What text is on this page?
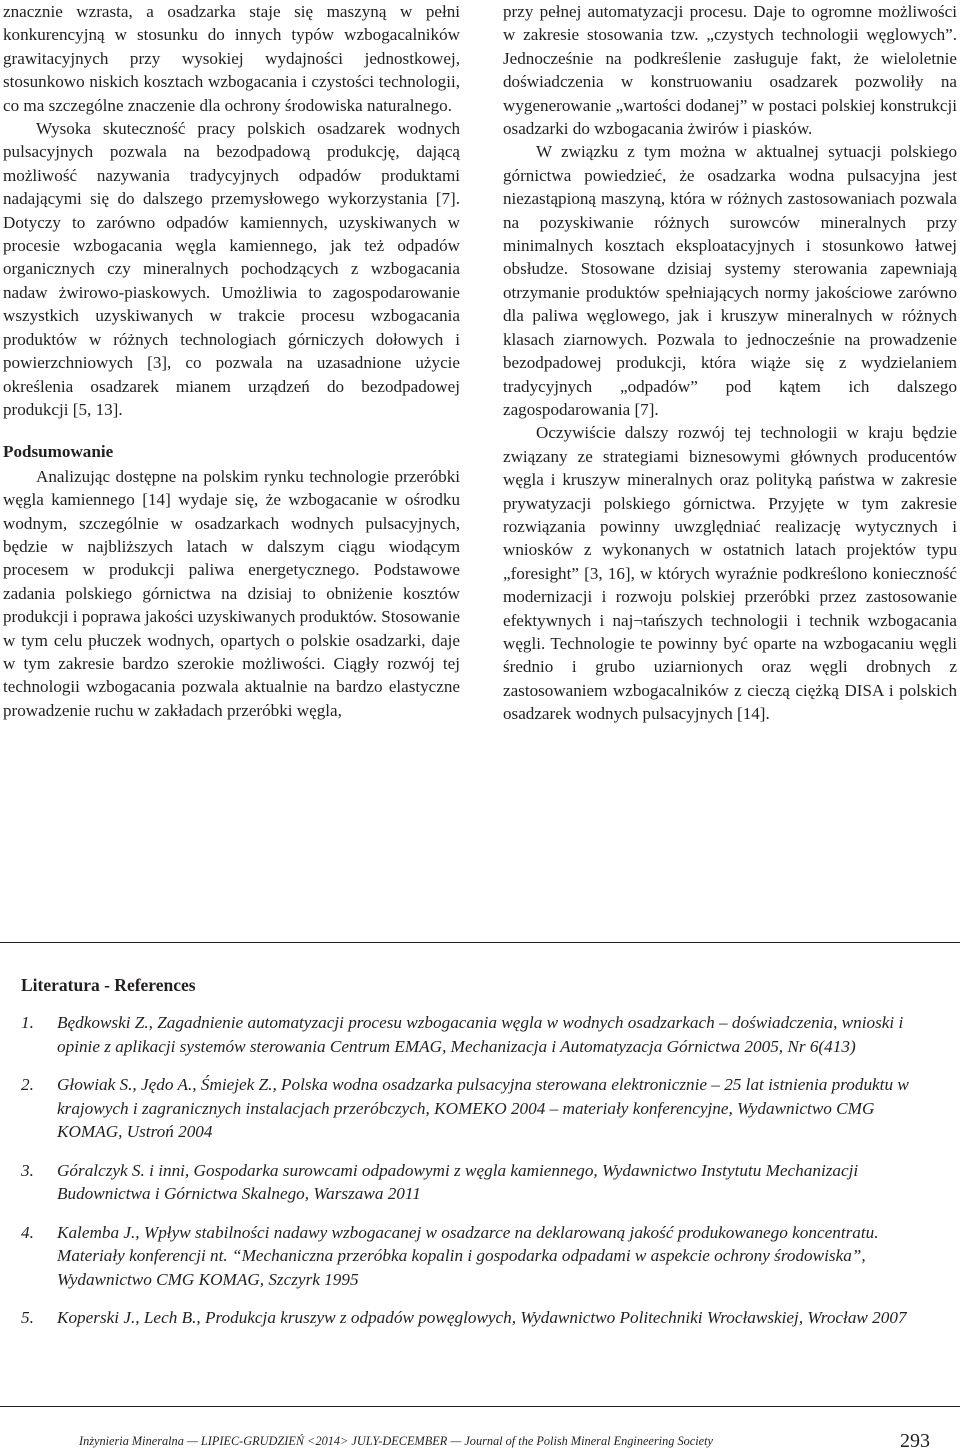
znacznie wzrasta, a osadzarka staje się maszyną w pełni konkurencyjną w stosunku do innych typów wzbogacalników grawitacyjnych przy wysokiej wydajności jednostkowej, stosunkowo niskich kosztach wzbogacania i czystości technologii, co ma szczególne znaczenie dla ochrony środowiska naturalnego.

Wysoka skuteczność pracy polskich osadzarek wodnych pulsacyjnych pozwala na bezodpadową produkcję, dającą możliwość nazywania tradycyjnych odpadów produktami nadającymi się do dalszego przemysłowego wykorzystania [7]. Dotyczy to zarówno odpadów kamiennych, uzyskiwanych w procesie wzbogacania węgla kamiennego, jak też odpadów organicznych czy mineralnych pochodzących z wzbogacania nadaw żwirowo-piaskowych. Umożliwia to zagospodarowanie wszystkich uzyskiwanych w trakcie procesu wzbogacania produktów w różnych technologiach górniczych dołowych i powierzchniowych [3], co pozwala na uzasadnione użycie określenia osadzarek mianem urządzeń do bezodpadowej produkcji [5, 13].

Podsumowanie

Analizując dostępne na polskim rynku technologie przeróbki węgla kamiennego [14] wydaje się, że wzbogacanie w ośrodku wodnym, szczególnie w osadzarkach wodnych pulsacyjnych, będzie w najbliższych latach w dalszym ciągu wiodącym procesem w produkcji paliwa energetycznego. Podstawowe zadania polskiego górnictwa na dzisiaj to obniżenie kosztów produkcji i poprawa jakości uzyskiwanych produktów. Stosowanie w tym celu płuczek wodnych, opartych o polskie osadzarki, daje w tym zakresie bardzo szerokie możliwości. Ciągły rozwój tej technologii wzbogacania pozwala aktualnie na bardzo elastyczne prowadzenie ruchu w zakładach przeróbki węgla,

przy pełnej automatyzacji procesu. Daje to ogromne możliwości w zakresie stosowania tzw. „czystych technologii węglowych”. Jednocześnie na podkreślenie zasługuje fakt, że wieloletnie doświadczenia w konstruowaniu osadzarek pozwoliły na wygenerowanie „wartości dodanej” w postaci polskiej konstrukcji osadzarki do wzbogacania żwirów i piasków.

W związku z tym można w aktualnej sytuacji polskiego górnictwa powiedzieć, że osadzarka wodna pulsacyjna jest niezastąpioną maszyną, która w różnych zastosowaniach pozwala na pozyskiwanie różnych surowców mineralnych przy minimalnych kosztach eksploatacyjnych i stosunkowo łatwej obsłudze. Stosowane dzisiaj systemy sterowania zapewniają otrzymanie produktów spełniających normy jakościowe zarówno dla paliwa węglowego, jak i kruszyw mineralnych w różnych klasach ziarnowych. Pozwala to jednocześnie na prowadzenie bezodpadowej produkcji, która wiąże się z wydzielaniem tradycyjnych „odpadów” pod kątem ich dalszego zagospodarowania [7].

Oczywiście dalszy rozwój tej technologii w kraju będzie związany ze strategiami biznesowymi głównych producentów węgla i kruszyw mineralnych oraz polityką państwa w zakresie prywatyzacji polskiego górnictwa. Przyjęte w tym zakresie rozwiązania powinny uwzględniać realizację wytycznych i wniosków z wykonanych w ostatnich latach projektów typu „foresight” [3, 16], w których wyraźnie podkreślono konieczność modernizacji i rozwoju polskiej przeróbki przez zastosowanie efektywnych i naj¬tańszych technologii i technik wzbogacania węgli. Technologie te powinny być oparte na wzbogacaniu węgli średnio i grubo uziarnionych oraz węgli drobnych z zastosowaniem wzbogacalników z cieczą ciężką DISA i polskich osadzarek wodnych pulsacyjnych [14].

Literatura - References
1. Będkowski Z., Zagadnienie automatyzacji procesu wzbogacania węgla w wodnych osadzarkach – doświadczenia, wnioski i opinie z aplikacji systemów sterowania Centrum EMAG, Mechanizacja i Automatyzacja Górnictwa 2005, Nr 6(413)
2. Głowiak S., Jędo A., Śmiejek Z., Polska wodna osadzarka pulsacyjna sterowana elektronicznie – 25 lat istnienia produktu w krajowych i zagranicznych instalacjach przeróbczych, KOMEKO 2004 – materiały konferencyjne, Wydawnictwo CMG KOMAG, Ustroń 2004
3. Góralczyk S. i inni, Gospodarka surowcami odpadowymi z węgla kamiennego, Wydawnictwo Instytutu Mechanizacji Budownictwa i Górnictwa Skalnego, Warszawa 2011
4. Kalemba J., Wpływ stabilności nadawy wzbogacanej w osadzarce na deklarowaną jakość produkowanego koncentratu. Materiały konferencji nt. “Mechaniczna przeróbka kopalin i gospodarka odpadami w aspekcie ochrony środowiska”, Wydawnictwo CMG KOMAG, Szczyrk 1995
5. Koperski J., Lech B., Produkcja kruszyw z odpadów powęglowych, Wydawnictwo Politechniki Wrocławskiej, Wrocław 2007
Inżynieria Mineralna — LIPIEC-GRUDZIEŃ <2014> JULY-DECEMBER — Journal of the Polish Mineral Engineering Society	293
